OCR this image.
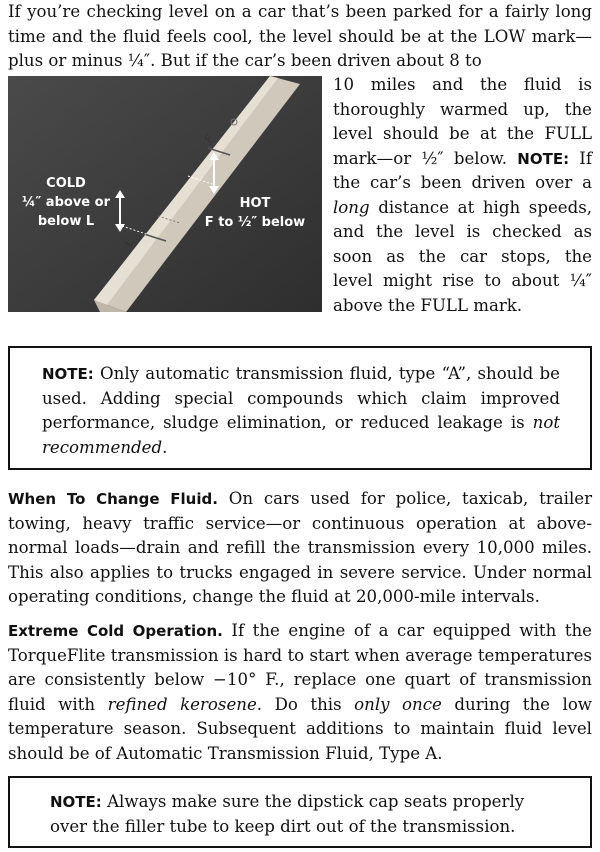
If you’re checking level on a car that’s been parked for a fairly long time and the fluid feels cool, the level should be at the LOW mark—plus or minus ¼″. But if the car’s been driven about 8 to

F
L
COLD
¼″ above or
below L
HOT
F to ½″ below

10 miles and the fluid is thoroughly warmed up, the level should be at the FULL mark—or ½″ below. NOTE: If the car’s been driven over a long distance at high speeds, and the level is checked as soon as the car stops, the level might rise to about ¼″ above the FULL mark.

NOTE: Only automatic transmission fluid, type “A”, should be used. Adding special compounds which claim improved performance, sludge elimination, or reduced leakage is not recommended.

When To Change Fluid. On cars used for police, taxicab, trailer towing, heavy traffic service—or continuous operation at above-normal loads—drain and refill the transmission every 10,000 miles. This also applies to trucks engaged in severe service. Under normal operating conditions, change the fluid at 20,000-mile intervals.

Extreme Cold Operation. If the engine of a car equipped with the TorqueFlite transmission is hard to start when average temperatures are consistently below −10° F., replace one quart of transmission fluid with refined kerosene. Do this only once during the low temperature season. Subsequent additions to maintain fluid level should be of Automatic Transmission Fluid, Type A.

NOTE: Always make sure the dipstick cap seats properly over the filler tube to keep dirt out of the transmission.
